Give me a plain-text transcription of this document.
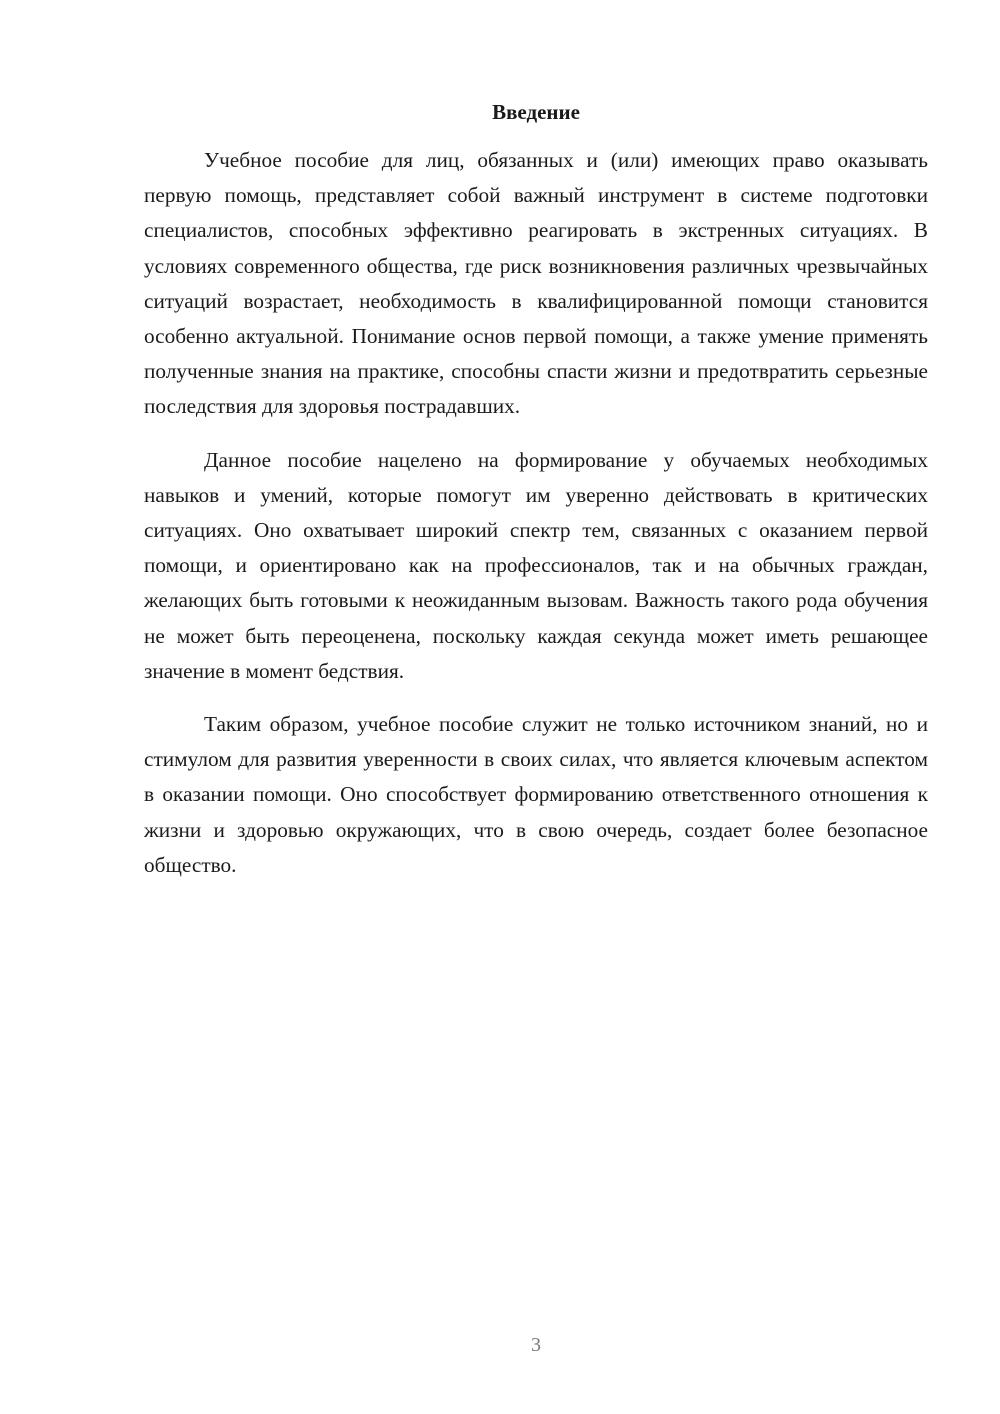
Введение

Учебное пособие для лиц, обязанных и (или) имеющих право оказывать первую помощь, представляет собой важный инструмент в системе подготовки специалистов, способных эффективно реагировать в экстренных ситуациях. В условиях современного общества, где риск возникновения различных чрезвычайных ситуаций возрастает, необходимость в квалифицированной помощи становится особенно актуальной. Понимание основ первой помощи, а также умение применять полученные знания на практике, способны спасти жизни и предотвратить серьезные последствия для здоровья пострадавших.

Данное пособие нацелено на формирование у обучаемых необходимых навыков и умений, которые помогут им уверенно действовать в критических ситуациях. Оно охватывает широкий спектр тем, связанных с оказанием первой помощи, и ориентировано как на профессионалов, так и на обычных граждан, желающих быть готовыми к неожиданным вызовам. Важность такого рода обучения не может быть переоценена, поскольку каждая секунда может иметь решающее значение в момент бедствия.

Таким образом, учебное пособие служит не только источником знаний, но и стимулом для развития уверенности в своих силах, что является ключевым аспектом в оказании помощи. Оно способствует формированию ответственного отношения к жизни и здоровью окружающих, что в свою очередь, создает более безопасное общество.

3
